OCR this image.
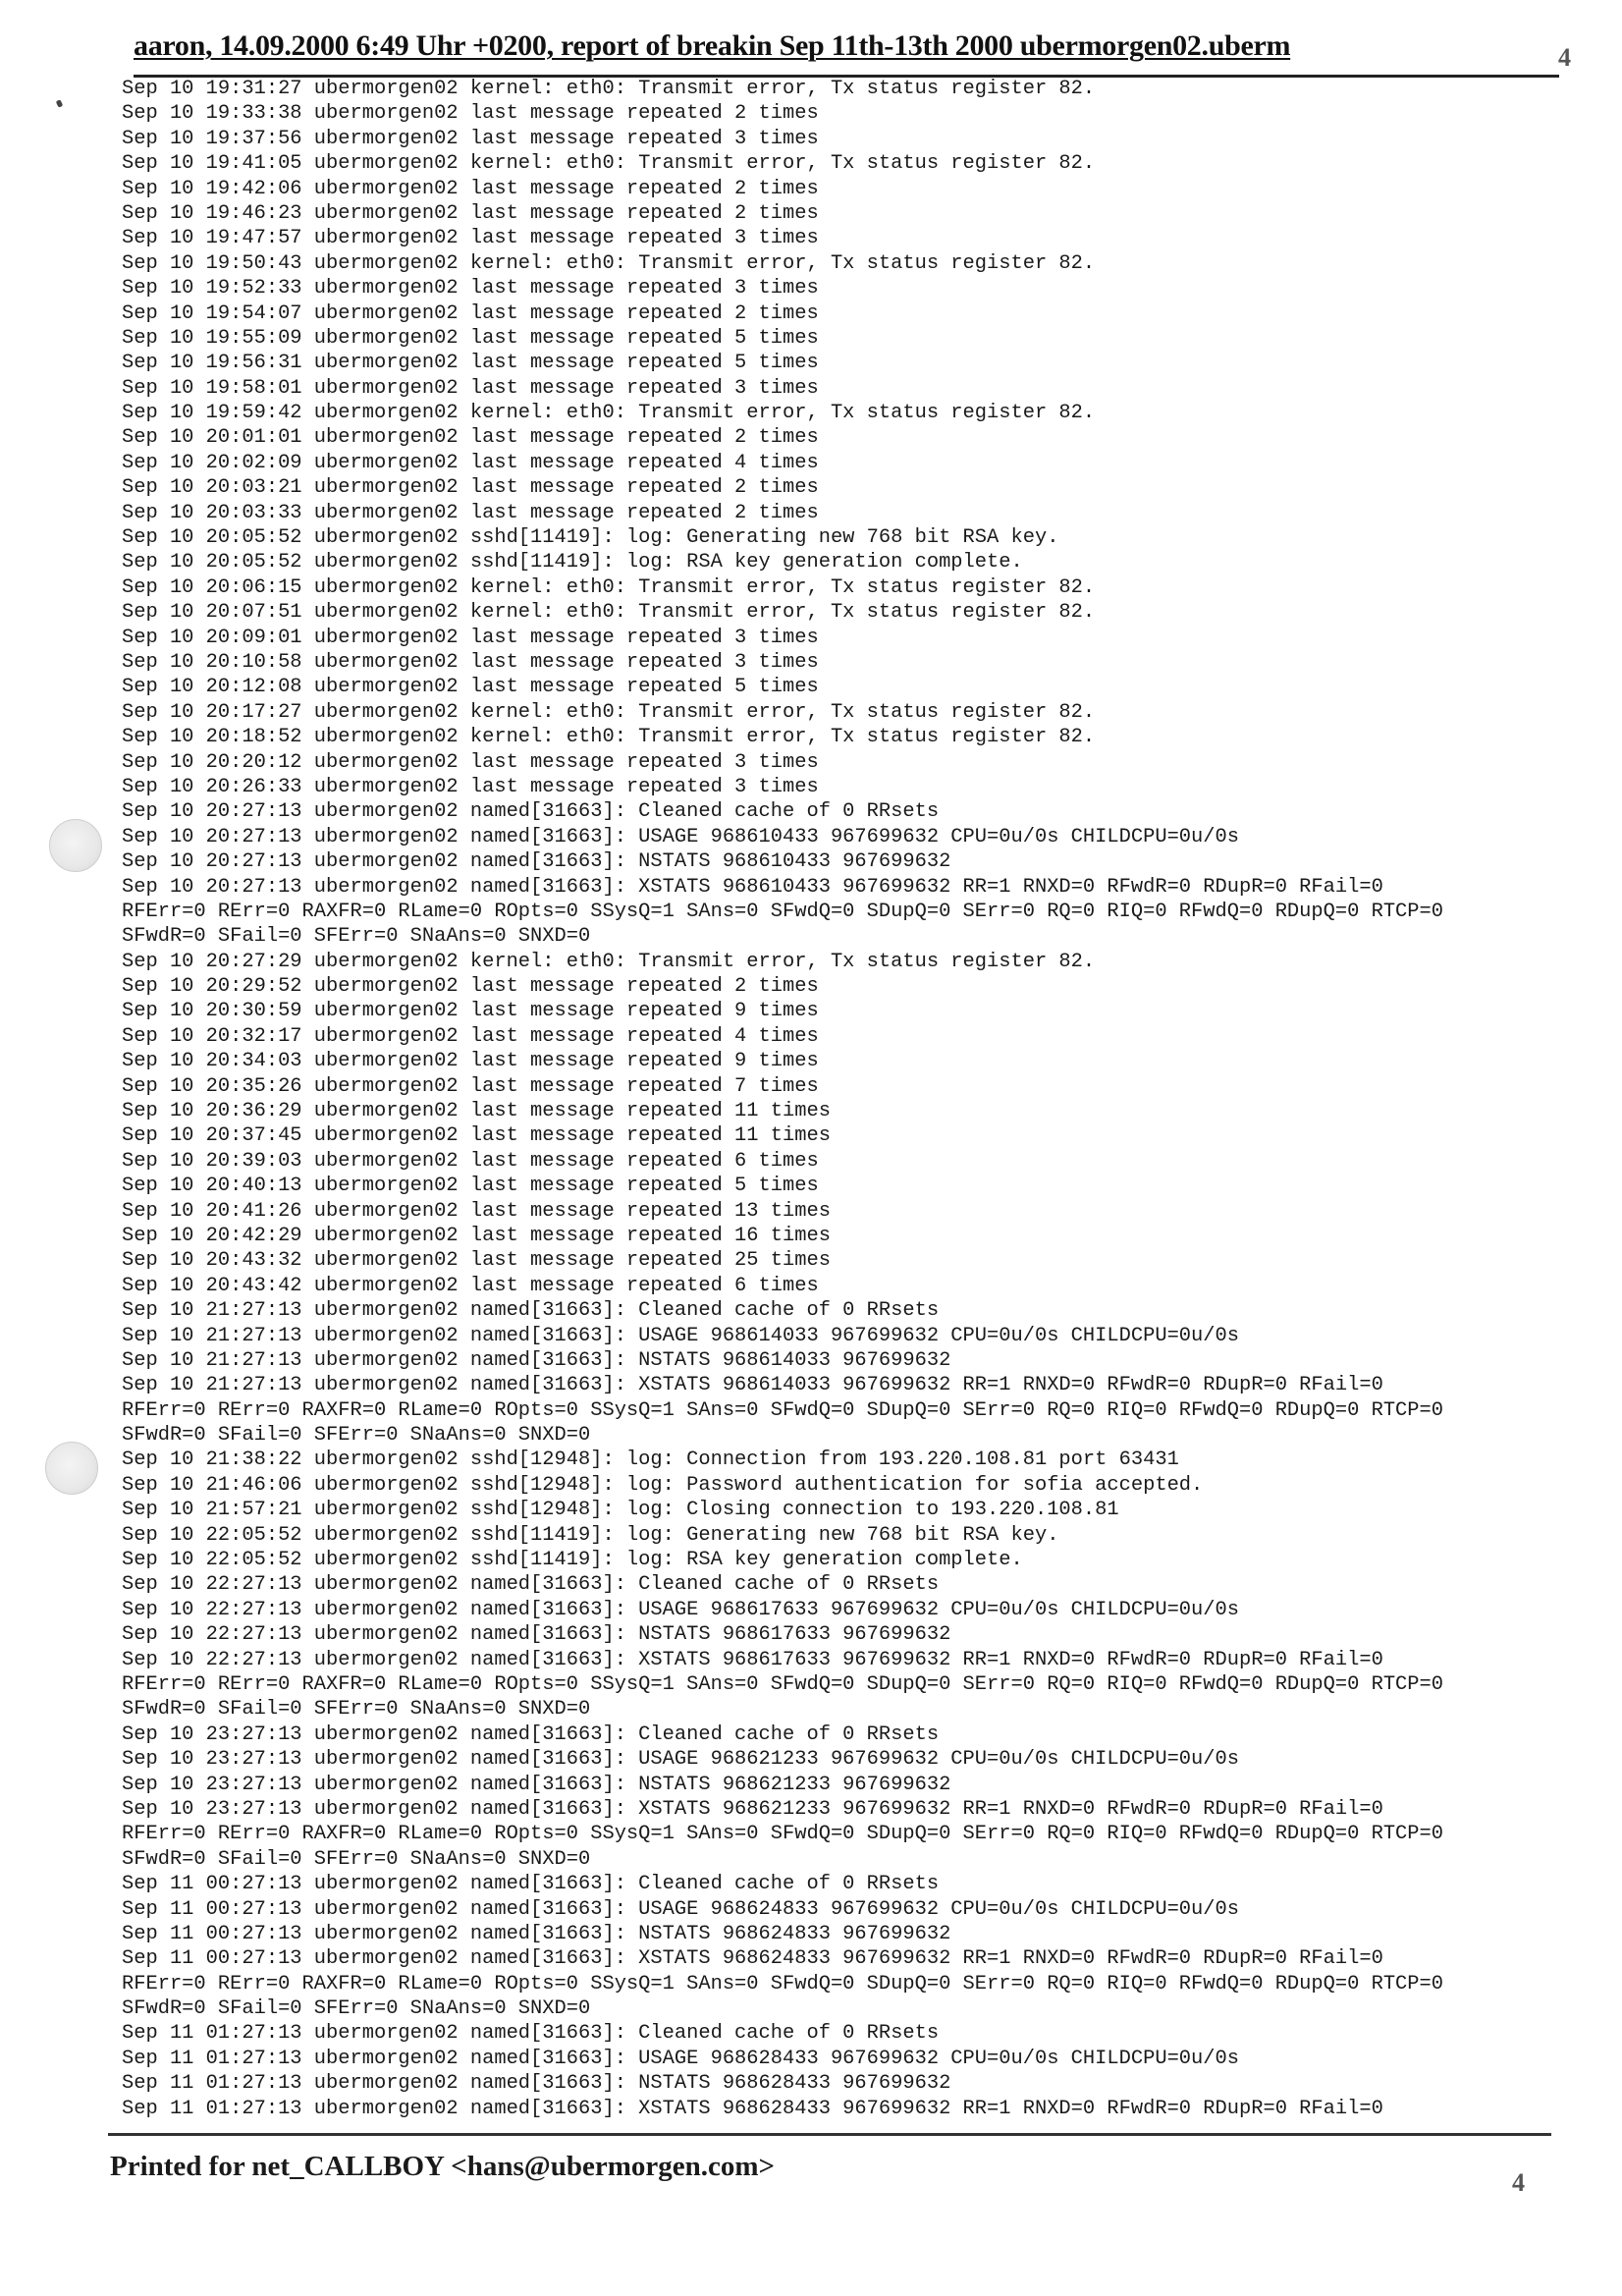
aaron, 14.09.2000 6:49 Uhr +0200, report of breakin Sep 11th-13th 2000 ubermorgen02.uberm	4
Sep 10 19:31:27 ubermorgen02 kernel: eth0: Transmit error, Tx status register 82.
Sep 10 19:33:38 ubermorgen02 last message repeated 2 times
Sep 10 19:37:56 ubermorgen02 last message repeated 3 times
Sep 10 19:41:05 ubermorgen02 kernel: eth0: Transmit error, Tx status register 82.
Sep 10 19:42:06 ubermorgen02 last message repeated 2 times
Sep 10 19:46:23 ubermorgen02 last message repeated 2 times
Sep 10 19:47:57 ubermorgen02 last message repeated 3 times
Sep 10 19:50:43 ubermorgen02 kernel: eth0: Transmit error, Tx status register 82.
Sep 10 19:52:33 ubermorgen02 last message repeated 3 times
Sep 10 19:54:07 ubermorgen02 last message repeated 2 times
Sep 10 19:55:09 ubermorgen02 last message repeated 5 times
Sep 10 19:56:31 ubermorgen02 last message repeated 5 times
Sep 10 19:58:01 ubermorgen02 last message repeated 3 times
Sep 10 19:59:42 ubermorgen02 kernel: eth0: Transmit error, Tx status register 82.
Sep 10 20:01:01 ubermorgen02 last message repeated 2 times
Sep 10 20:02:09 ubermorgen02 last message repeated 4 times
Sep 10 20:03:21 ubermorgen02 last message repeated 2 times
Sep 10 20:03:33 ubermorgen02 last message repeated 2 times
Sep 10 20:05:52 ubermorgen02 sshd[11419]: log: Generating new 768 bit RSA key.
Sep 10 20:05:52 ubermorgen02 sshd[11419]: log: RSA key generation complete.
Sep 10 20:06:15 ubermorgen02 kernel: eth0: Transmit error, Tx status register 82.
Sep 10 20:07:51 ubermorgen02 kernel: eth0: Transmit error, Tx status register 82.
Sep 10 20:09:01 ubermorgen02 last message repeated 3 times
Sep 10 20:10:58 ubermorgen02 last message repeated 3 times
Sep 10 20:12:08 ubermorgen02 last message repeated 5 times
Sep 10 20:17:27 ubermorgen02 kernel: eth0: Transmit error, Tx status register 82.
Sep 10 20:18:52 ubermorgen02 kernel: eth0: Transmit error, Tx status register 82.
Sep 10 20:20:12 ubermorgen02 last message repeated 3 times
Sep 10 20:26:33 ubermorgen02 last message repeated 3 times
Sep 10 20:27:13 ubermorgen02 named[31663]: Cleaned cache of 0 RRsets
Sep 10 20:27:13 ubermorgen02 named[31663]: USAGE 968610433 967699632 CPU=0u/0s CHILDCPU=0u/0s
Sep 10 20:27:13 ubermorgen02 named[31663]: NSTATS 968610433 967699632
Sep 10 20:27:13 ubermorgen02 named[31663]: XSTATS 968610433 967699632 RR=1 RNXD=0 RFwdR=0 RDupR=0 RFail=0
RFErr=0 RErr=0 RAXFR=0 RLame=0 ROpts=0 SSysQ=1 SAns=0 SFwdQ=0 SDupQ=0 SErr=0 RQ=0 RIQ=0 RFwdQ=0 RDupQ=0 RTCP=0
SFwdR=0 SFail=0 SFErr=0 SNaAns=0 SNXD=0
Sep 10 20:27:29 ubermorgen02 kernel: eth0: Transmit error, Tx status register 82.
Sep 10 20:29:52 ubermorgen02 last message repeated 2 times
Sep 10 20:30:59 ubermorgen02 last message repeated 9 times
Sep 10 20:32:17 ubermorgen02 last message repeated 4 times
Sep 10 20:34:03 ubermorgen02 last message repeated 9 times
Sep 10 20:35:26 ubermorgen02 last message repeated 7 times
Sep 10 20:36:29 ubermorgen02 last message repeated 11 times
Sep 10 20:37:45 ubermorgen02 last message repeated 11 times
Sep 10 20:39:03 ubermorgen02 last message repeated 6 times
Sep 10 20:40:13 ubermorgen02 last message repeated 5 times
Sep 10 20:41:26 ubermorgen02 last message repeated 13 times
Sep 10 20:42:29 ubermorgen02 last message repeated 16 times
Sep 10 20:43:32 ubermorgen02 last message repeated 25 times
Sep 10 20:43:42 ubermorgen02 last message repeated 6 times
Sep 10 21:27:13 ubermorgen02 named[31663]: Cleaned cache of 0 RRsets
Sep 10 21:27:13 ubermorgen02 named[31663]: USAGE 968614033 967699632 CPU=0u/0s CHILDCPU=0u/0s
Sep 10 21:27:13 ubermorgen02 named[31663]: NSTATS 968614033 967699632
Sep 10 21:27:13 ubermorgen02 named[31663]: XSTATS 968614033 967699632 RR=1 RNXD=0 RFwdR=0 RDupR=0 RFail=0
RFErr=0 RErr=0 RAXFR=0 RLame=0 ROpts=0 SSysQ=1 SAns=0 SFwdQ=0 SDupQ=0 SErr=0 RQ=0 RIQ=0 RFwdQ=0 RDupQ=0 RTCP=0
SFwdR=0 SFail=0 SFErr=0 SNaAns=0 SNXD=0
Sep 10 21:38:22 ubermorgen02 sshd[12948]: log: Connection from 193.220.108.81 port 63431
Sep 10 21:46:06 ubermorgen02 sshd[12948]: log: Password authentication for sofia accepted.
Sep 10 21:57:21 ubermorgen02 sshd[12948]: log: Closing connection to 193.220.108.81
Sep 10 22:05:52 ubermorgen02 sshd[11419]: log: Generating new 768 bit RSA key.
Sep 10 22:05:52 ubermorgen02 sshd[11419]: log: RSA key generation complete.
Sep 10 22:27:13 ubermorgen02 named[31663]: Cleaned cache of 0 RRsets
Sep 10 22:27:13 ubermorgen02 named[31663]: USAGE 968617633 967699632 CPU=0u/0s CHILDCPU=0u/0s
Sep 10 22:27:13 ubermorgen02 named[31663]: NSTATS 968617633 967699632
Sep 10 22:27:13 ubermorgen02 named[31663]: XSTATS 968617633 967699632 RR=1 RNXD=0 RFwdR=0 RDupR=0 RFail=0
RFErr=0 RErr=0 RAXFR=0 RLame=0 ROpts=0 SSysQ=1 SAns=0 SFwdQ=0 SDupQ=0 SErr=0 RQ=0 RIQ=0 RFwdQ=0 RDupQ=0 RTCP=0
SFwdR=0 SFail=0 SFErr=0 SNaAns=0 SNXD=0
Sep 10 23:27:13 ubermorgen02 named[31663]: Cleaned cache of 0 RRsets
Sep 10 23:27:13 ubermorgen02 named[31663]: USAGE 968621233 967699632 CPU=0u/0s CHILDCPU=0u/0s
Sep 10 23:27:13 ubermorgen02 named[31663]: NSTATS 968621233 967699632
Sep 10 23:27:13 ubermorgen02 named[31663]: XSTATS 968621233 967699632 RR=1 RNXD=0 RFwdR=0 RDupR=0 RFail=0
RFErr=0 RErr=0 RAXFR=0 RLame=0 ROpts=0 SSysQ=1 SAns=0 SFwdQ=0 SDupQ=0 SErr=0 RQ=0 RIQ=0 RFwdQ=0 RDupQ=0 RTCP=0
SFwdR=0 SFail=0 SFErr=0 SNaAns=0 SNXD=0
Sep 11 00:27:13 ubermorgen02 named[31663]: Cleaned cache of 0 RRsets
Sep 11 00:27:13 ubermorgen02 named[31663]: USAGE 968624833 967699632 CPU=0u/0s CHILDCPU=0u/0s
Sep 11 00:27:13 ubermorgen02 named[31663]: NSTATS 968624833 967699632
Sep 11 00:27:13 ubermorgen02 named[31663]: XSTATS 968624833 967699632 RR=1 RNXD=0 RFwdR=0 RDupR=0 RFail=0
RFErr=0 RErr=0 RAXFR=0 RLame=0 ROpts=0 SSysQ=1 SAns=0 SFwdQ=0 SDupQ=0 SErr=0 RQ=0 RIQ=0 RFwdQ=0 RDupQ=0 RTCP=0
SFwdR=0 SFail=0 SFErr=0 SNaAns=0 SNXD=0
Sep 11 01:27:13 ubermorgen02 named[31663]: Cleaned cache of 0 RRsets
Sep 11 01:27:13 ubermorgen02 named[31663]: USAGE 968628433 967699632 CPU=0u/0s CHILDCPU=0u/0s
Sep 11 01:27:13 ubermorgen02 named[31663]: NSTATS 968628433 967699632
Sep 11 01:27:13 ubermorgen02 named[31663]: XSTATS 968628433 967699632 RR=1 RNXD=0 RFwdR=0 RDupR=0 RFail=0
Printed for net_CALLBOY <hans@ubermorgen.com>
4
